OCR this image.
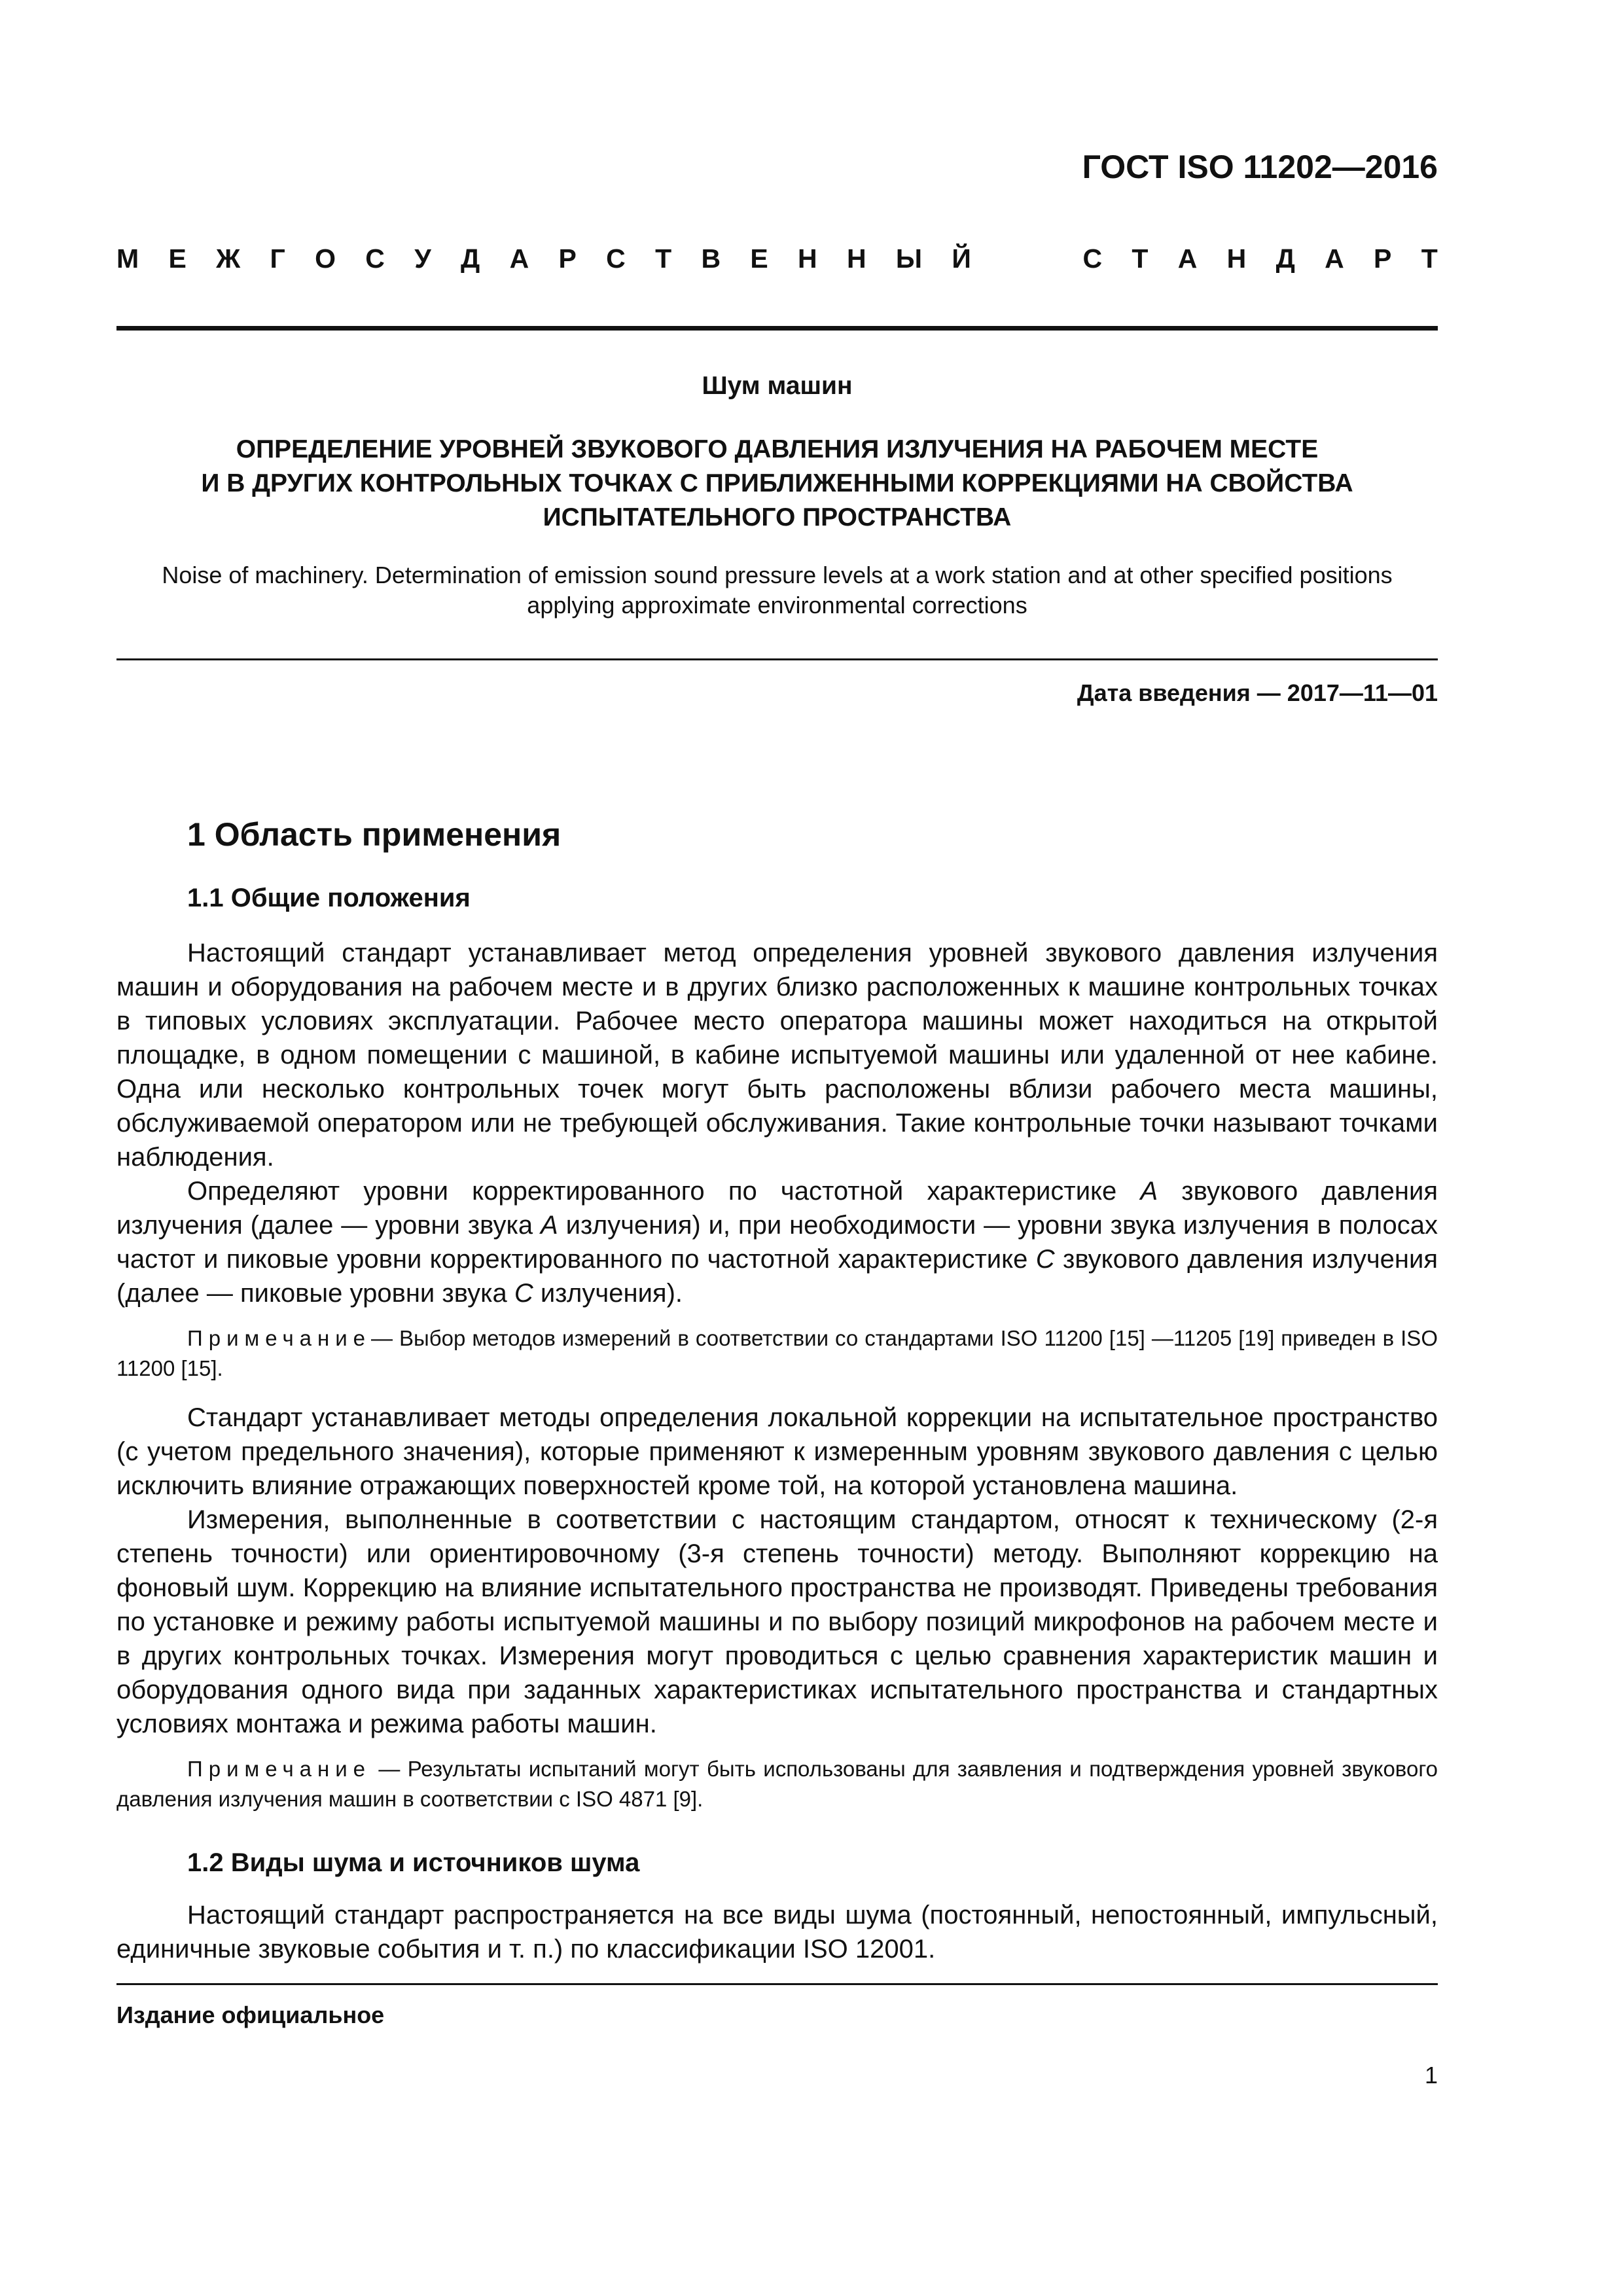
ГОСТ ISO 11202—2016
М Е Ж Г О С У Д А Р С Т В Е Н Н Ы Й	С Т А Н Д А Р Т
Шум машин
ОПРЕДЕЛЕНИЕ УРОВНЕЙ ЗВУКОВОГО ДАВЛЕНИЯ ИЗЛУЧЕНИЯ НА РАБОЧЕМ МЕСТЕ
И В ДРУГИХ КОНТРОЛЬНЫХ ТОЧКАХ С ПРИБЛИЖЕННЫМИ КОРРЕКЦИЯМИ НА СВОЙСТВА
ИСПЫТАТЕЛЬНОГО ПРОСТРАНСТВА
Noise of machinery. Determination of emission sound pressure levels at a work station and at other specified positions
applying approximate environmental corrections
Дата введения — 2017—11—01
1 Область применения
1.1 Общие положения

Настоящий стандарт устанавливает метод определения уровней звукового давления излучения машин и оборудования на рабочем месте и в других близко расположенных к машине контрольных точках в типовых условиях эксплуатации. Рабочее место оператора машины может находиться на открытой площадке, в одном помещении с машиной, в кабине испытуемой машины или удаленной от нее кабине. Одна или несколько контрольных точек могут быть расположены вблизи рабочего места машины, обслуживаемой оператором или не требующей обслуживания. Такие контрольные точки называют точками наблюдения.

Определяют уровни корректированного по частотной характеристике A звукового давления излучения (далее — уровни звука A излучения) и, при необходимости — уровни звука излучения в полосах частот и пиковые уровни корректированного по частотной характеристике C звукового давления излучения (далее — пиковые уровни звука C излучения).

Примечание— Выбор методов измерений в соответствии со стандартами ISO 11200 [15] —11205 [19] приведен в ISO 11200 [15].

Стандарт устанавливает методы определения локальной коррекции на испытательное пространство (с учетом предельного значения), которые применяют к измеренным уровням звукового давления с целью исключить влияние отражающих поверхностей кроме той, на которой установлена машина.

Измерения, выполненные в соответствии с настоящим стандартом, относят к техническому (2-я степень точности) или ориентировочному (3-я степень точности) методу. Выполняют коррекцию на фоновый шум. Коррекцию на влияние испытательного пространства не производят. Приведены требования по установке и режиму работы испытуемой машины и по выбору позиций микрофонов на рабочем месте и в других контрольных точках. Измерения могут проводиться с целью сравнения характеристик машин и оборудования одного вида при заданных характеристиках испытательного пространства и стандартных условиях монтажа и режима работы машин.

Примечание — Результаты испытаний могут быть использованы для заявления и подтверждения уровней звукового давления излучения машин в соответствии с ISO 4871 [9].

1.2 Виды шума и источников шума

Настоящий стандарт распространяется на все виды шума (постоянный, непостоянный, импульсный, единичные звуковые события и т. п.) по классификации ISO 12001.

Издание официальное
1
